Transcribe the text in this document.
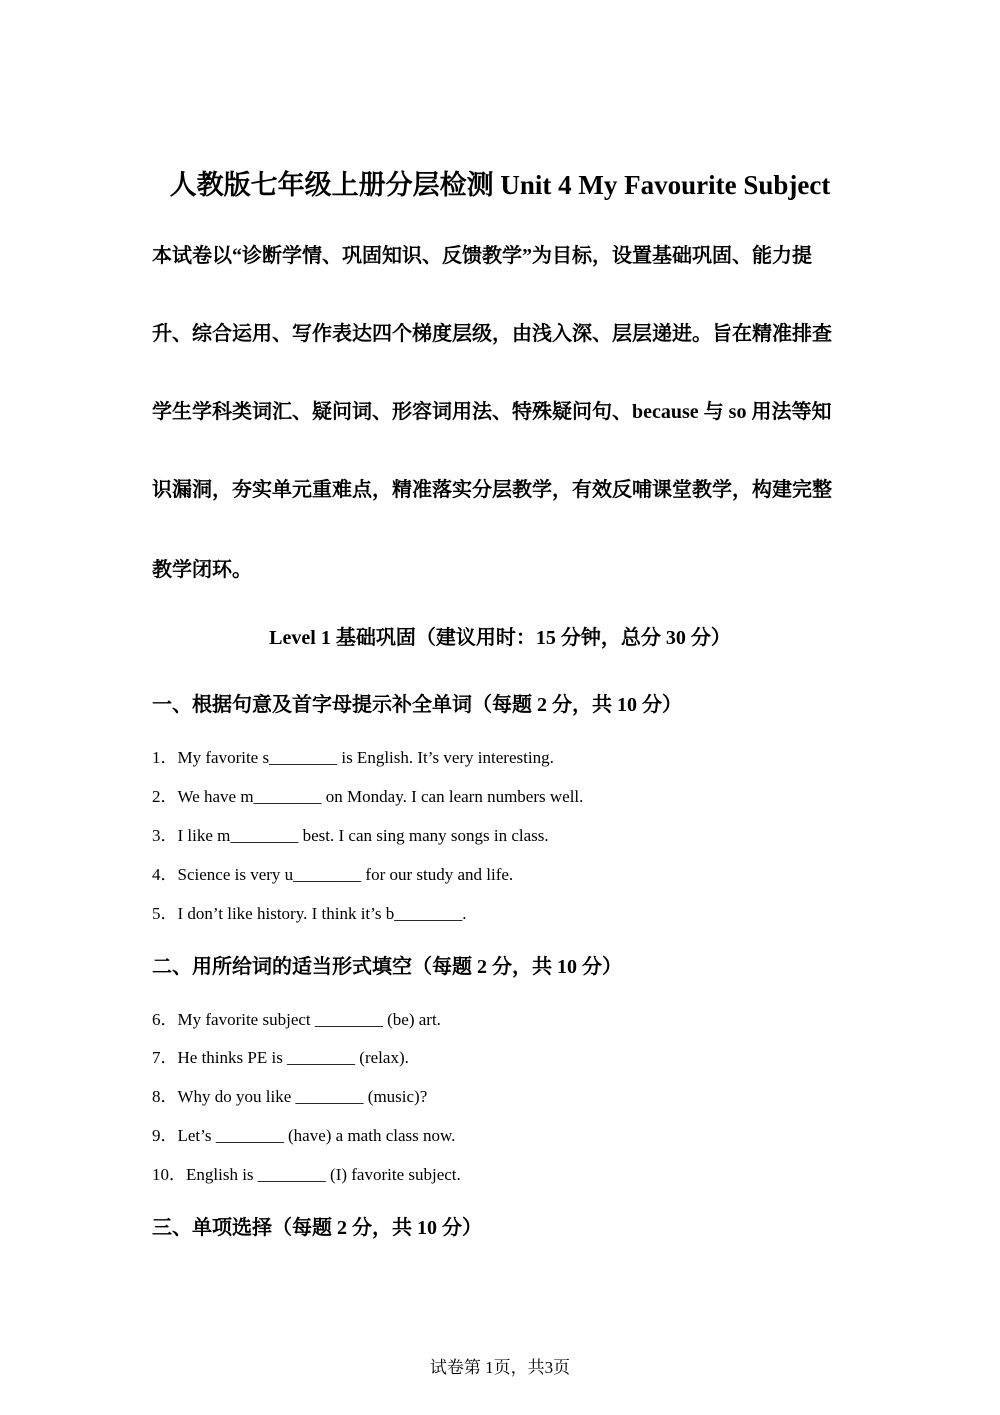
人教版七年级上册分层检测 Unit 4 My Favourite Subject
本试卷以“诊断学情、巩固知识、反馈教学”为目标，设置基础巩固、能力提
升、综合运用、写作表达四个梯度层级，由浅入深、层层递进。旨在精准排查
学生学科类词汇、疑问词、形容词用法、特殊疑问句、because 与 so 用法等知
识漏洞，夯实单元重难点，精准落实分层教学，有效反哺课堂教学，构建完整
教学闭环。
Level 1 基础巩固（建议用时：15 分钟，总分 30 分）
一、根据句意及首字母提示补全单词（每题 2 分，共 10 分）
1．My favorite s________ is English. It’s very interesting.
2．We have m________ on Monday. I can learn numbers well.
3．I like m________ best. I can sing many songs in class.
4．Science is very u________ for our study and life.
5．I don’t like history. I think it’s b________.
二、用所给词的适当形式填空（每题 2 分，共 10 分）
6．My favorite subject ________ (be) art.
7．He thinks PE is ________ (relax).
8．Why do you like ________ (music)?
9．Let’s ________ (have) a math class now.
10．English is ________ (I) favorite subject.
三、单项选择（每题 2 分，共 10 分）
试卷第 1页，共3页
